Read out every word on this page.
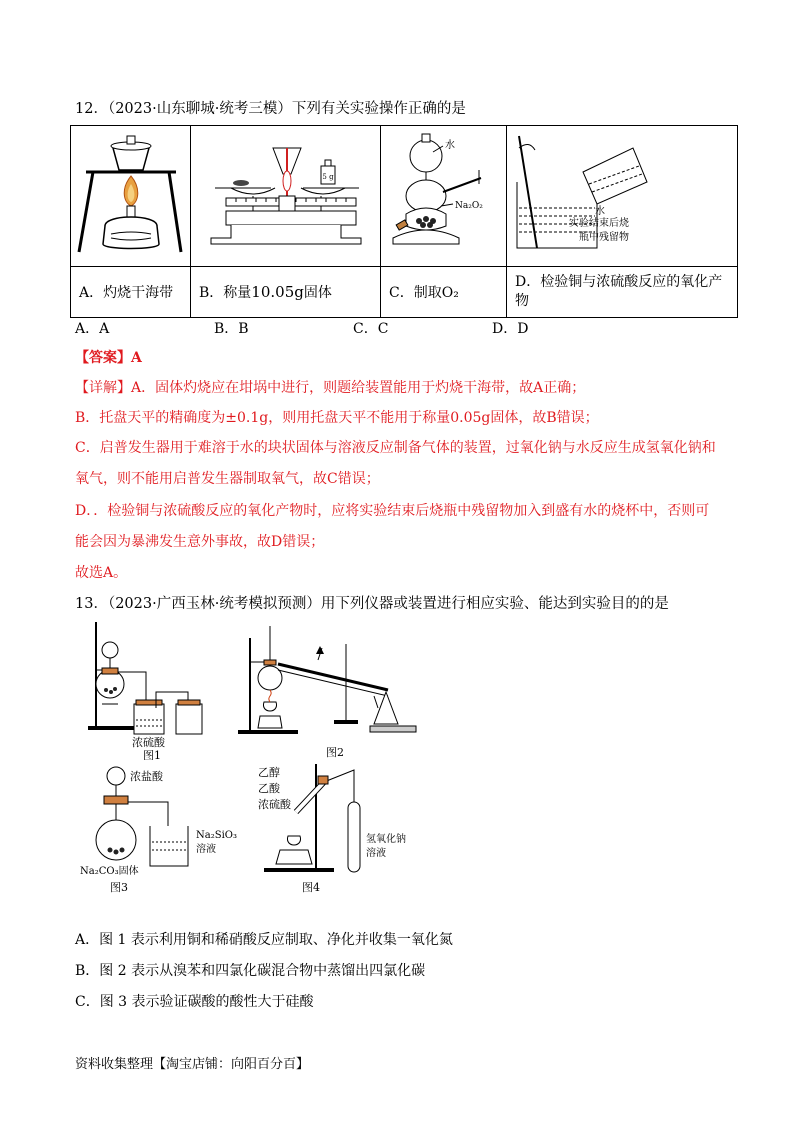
12．（2023·山东聊城·统考三模）下列有关实验操作正确的是

5 g	水
Na₂O₂	水
实验结束后烧
瓶中残留物

A．灼烧干海带	B．称量10.05g固体	C．制取O₂	D．检验铜与浓硫酸反应的氧化产物
A．A	B．B	C．C	D．D
【答案】A
【详解】A．固体灼烧应在坩埚中进行，则题给装置能用于灼烧干海带，故A正确；
B．托盘天平的精确度为±0.1g，则用托盘天平不能用于称量0.05g固体，故B错误；
C．启普发生器用于难溶于水的块状固体与溶液反应制备气体的装置，过氧化钠与水反应生成氢氧化钠和
氧气，则不能用启普发生器制取氧气，故C错误；
D．．检验铜与浓硫酸反应的氧化产物时，应将实验结束后烧瓶中残留物加入到盛有水的烧杯中，否则可
能会因为暴沸发生意外事故，故D错误；
故选A。
13．（2023·广西玉林·统考模拟预测）用下列仪器或装置进行相应实验、能达到实验目的的是
浓硫酸
图1	图2
浓盐酸
Na₂SiO₃
溶液
Na₂CO₃固体
图3
乙醇
乙酸
浓硫酸
氢氧化钠
溶液
图4
A．图 1 表示利用铜和稀硝酸反应制取、净化并收集一氧化氮
B．图 2 表示从溴苯和四氯化碳混合物中蒸馏出四氯化碳
C．图 3 表示验证碳酸的酸性大于硅酸
资料收集整理【淘宝店铺：向阳百分百】
